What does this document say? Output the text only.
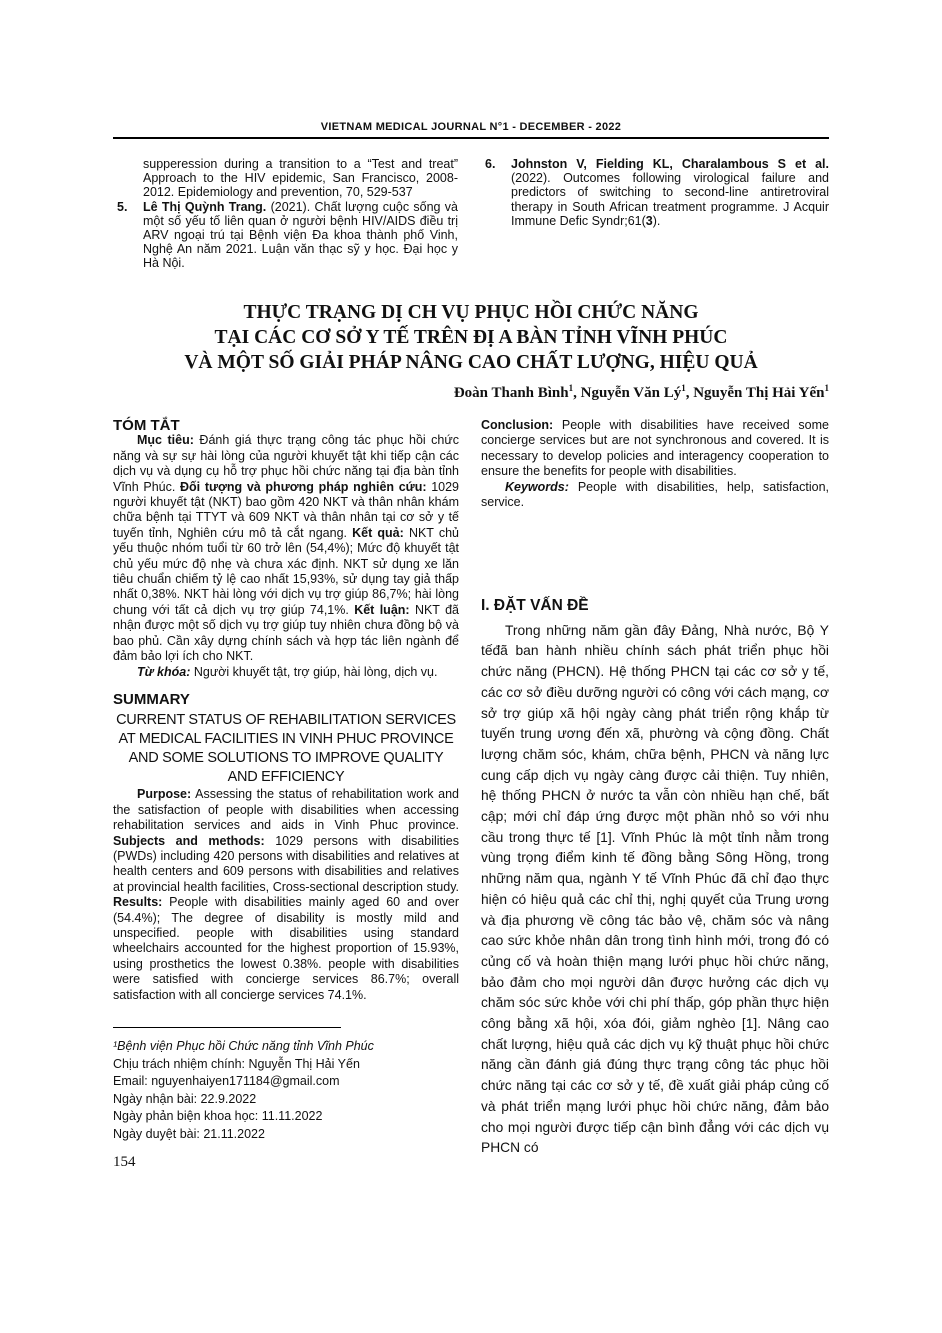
VIETNAM MEDICAL JOURNAL N°1 - DECEMBER - 2022

supperession during a transition to a “Test and treat” Approach to the HIV epidemic, San Francisco, 2008-2012. Epidemiology and prevention, 70, 529-537

5. Lê Thị Quỳnh Trang. (2021). Chất lượng cuộc sống và một số yếu tố liên quan ở người bệnh HIV/AIDS điều trị ARV ngoại trú tại Bệnh viện Đa khoa thành phố Vinh, Nghệ An năm 2021. Luận văn thạc sỹ y học. Đại học y Hà Nội.

6. Johnston V, Fielding KL, Charalambous S et al. (2022). Outcomes following virological failure and predictors of switching to second-line antiretroviral therapy in South African treatment programme. J Acquir Immune Defic Syndr;61(3).

THỰC TRẠNG DỊ CH VỤ PHỤC HỒI CHỨC NĂNG
TẠI CÁC CƠ SỞ Y TẾ TRÊN ĐỊ A BÀN TỈNH VĨNH PHÚC
VÀ MỘT SỐ GIẢI PHÁP NÂNG CAO CHẤT LƯỢNG, HIỆU QUẢ
Đoàn Thanh Bình$^1$, Nguyễn Văn $Lý^1$, Nguyễn Thị Hải Yến$^1$

TÓM TẮT

Mục tiêu: Đánh giá thực trạng công tác phục hồi chức năng và sự sự hài lòng của người khuyết tật khi tiếp cận các dịch vụ và dụng cụ hỗ trợ phục hồi chức năng tại địa bàn tỉnh Vĩnh Phúc. Đối tượng và phương pháp nghiên cứu: 1029 người khuyết tật (NKT) bao gồm 420 NKT và thân nhân khám chữa bệnh tại TTYT và 609 NKT và thân nhân tại cơ sở y tế tuyến tỉnh, Nghiên cứu mô tả cắt ngang. Kết quả: NKT chủ yếu thuộc nhóm tuổi từ 60 trở lên (54,4%); Mức độ khuyết tật chủ yếu mức độ nhẹ và chưa xác định. NKT sử dụng xe lăn tiêu chuẩn chiếm tỷ lệ cao nhất 15,93%, sử dụng tay giả thấp nhất 0,38%. NKT hài lòng với dịch vụ trợ giúp 86,7%; hài lòng chung với tất cả dịch vụ trợ giúp 74,1%. Kết luận: NKT đã nhận được một số dịch vụ trợ giúp tuy nhiên chưa đồng bộ và bao phủ. Cần xây dựng chính sách và hợp tác liên ngành để đảm bảo lợi ích cho NKT.

Từ khóa: Người khuyết tật, trợ giúp, hài lòng, dịch vụ.

SUMMARY

CURRENT STATUS OF REHABILITATION SERVICES AT MEDICAL FACILITIES IN VINH PHUC PROVINCE AND SOME SOLUTIONS TO IMPROVE QUALITY AND EFFICIENCY

Purpose: Assessing the status of rehabilitation work and the satisfaction of people with disabilities when accessing rehabilitation services and aids in Vinh Phuc province. Subjects and methods: 1029 persons with disabilities (PWDs) including 420 persons with disabilities and relatives at health centers and 609 persons with disabilities and relatives at provincial health facilities, Cross-sectional description study. Results: People with disabilities mainly aged 60 and over (54.4%); The degree of disability is mostly mild and unspecified. people with disabilities using standard wheelchairs accounted for the highest proportion of 15.93%, using prosthetics the lowest 0.38%. people with disabilities were satisfied with concierge services 86.7%; overall satisfaction with all concierge services 74.1%.

Conclusion: People with disabilities have received some concierge services but are not synchronous and covered. It is necessary to develop policies and interagency cooperation to ensure the benefits for people with disabilities.

Keywords: People with disabilities, help, satisfaction, service.

I. ĐẶT VẤN ĐỀ

Trong những năm gần đây Đảng, Nhà nước, Bộ Y tếđã ban hành nhiều chính sách phát triển phục hồi chức năng (PHCN). Hệ thống PHCN tại các cơ sở y tế, các cơ sở điều dưỡng người có công với cách mạng, cơ sở trợ giúp xã hội ngày càng phát triển rộng khắp từ tuyến trung ương đến xã, phường và cộng đồng. Chất lượng chăm sóc, khám, chữa bệnh, PHCN và năng lực cung cấp dịch vụ ngày càng được cải thiện. Tuy nhiên, hệ thống PHCN ở nước ta vẫn còn nhiều hạn chế, bất cập; mới chỉ đáp ứng được một phần nhỏ so với nhu cầu trong thực tế [1]. Vĩnh Phúc là một tỉnh nằm trong vùng trọng điểm kinh tế đồng bằng Sông Hồng, trong những năm qua, ngành Y tế Vĩnh Phúc đã chỉ đạo thực hiện có hiệu quả các chỉ thị, nghị quyết của Trung ương và địa phương về công tác bảo vệ, chăm sóc và nâng cao sức khỏe nhân dân trong tình hình mới, trong đó có củng cố và hoàn thiện mạng lưới phục hồi chức năng, bảo đảm cho mọi người dân được hưởng các dịch vụ chăm sóc sức khỏe với chi phí thấp, góp phần thực hiện công bằng xã hội, xóa đói, giảm nghèo [1]. Nâng cao chất lượng, hiệu quả các dịch vụ kỹ thuật phục hồi chức năng cần đánh giá đúng thực trạng công tác phục hồi chức năng tại các cơ sở y tế, đề xuất giải pháp củng cố và phát triển mạng lưới phục hồi chức năng, đảm bảo cho mọi người được tiếp cận bình đẳng với các dịch vụ PHCN có

¹Bệnh viện Phục hồi Chức năng tỉnh Vĩnh Phúc

Chịu trách nhiệm chính: Nguyễn Thị Hải Yến

Email: nguyenhaiyen171184@gmail.com

Ngày nhận bài: 22.9.2022

Ngày phản biện khoa học: 11.11.2022

Ngày duyệt bài: 21.11.2022

154
